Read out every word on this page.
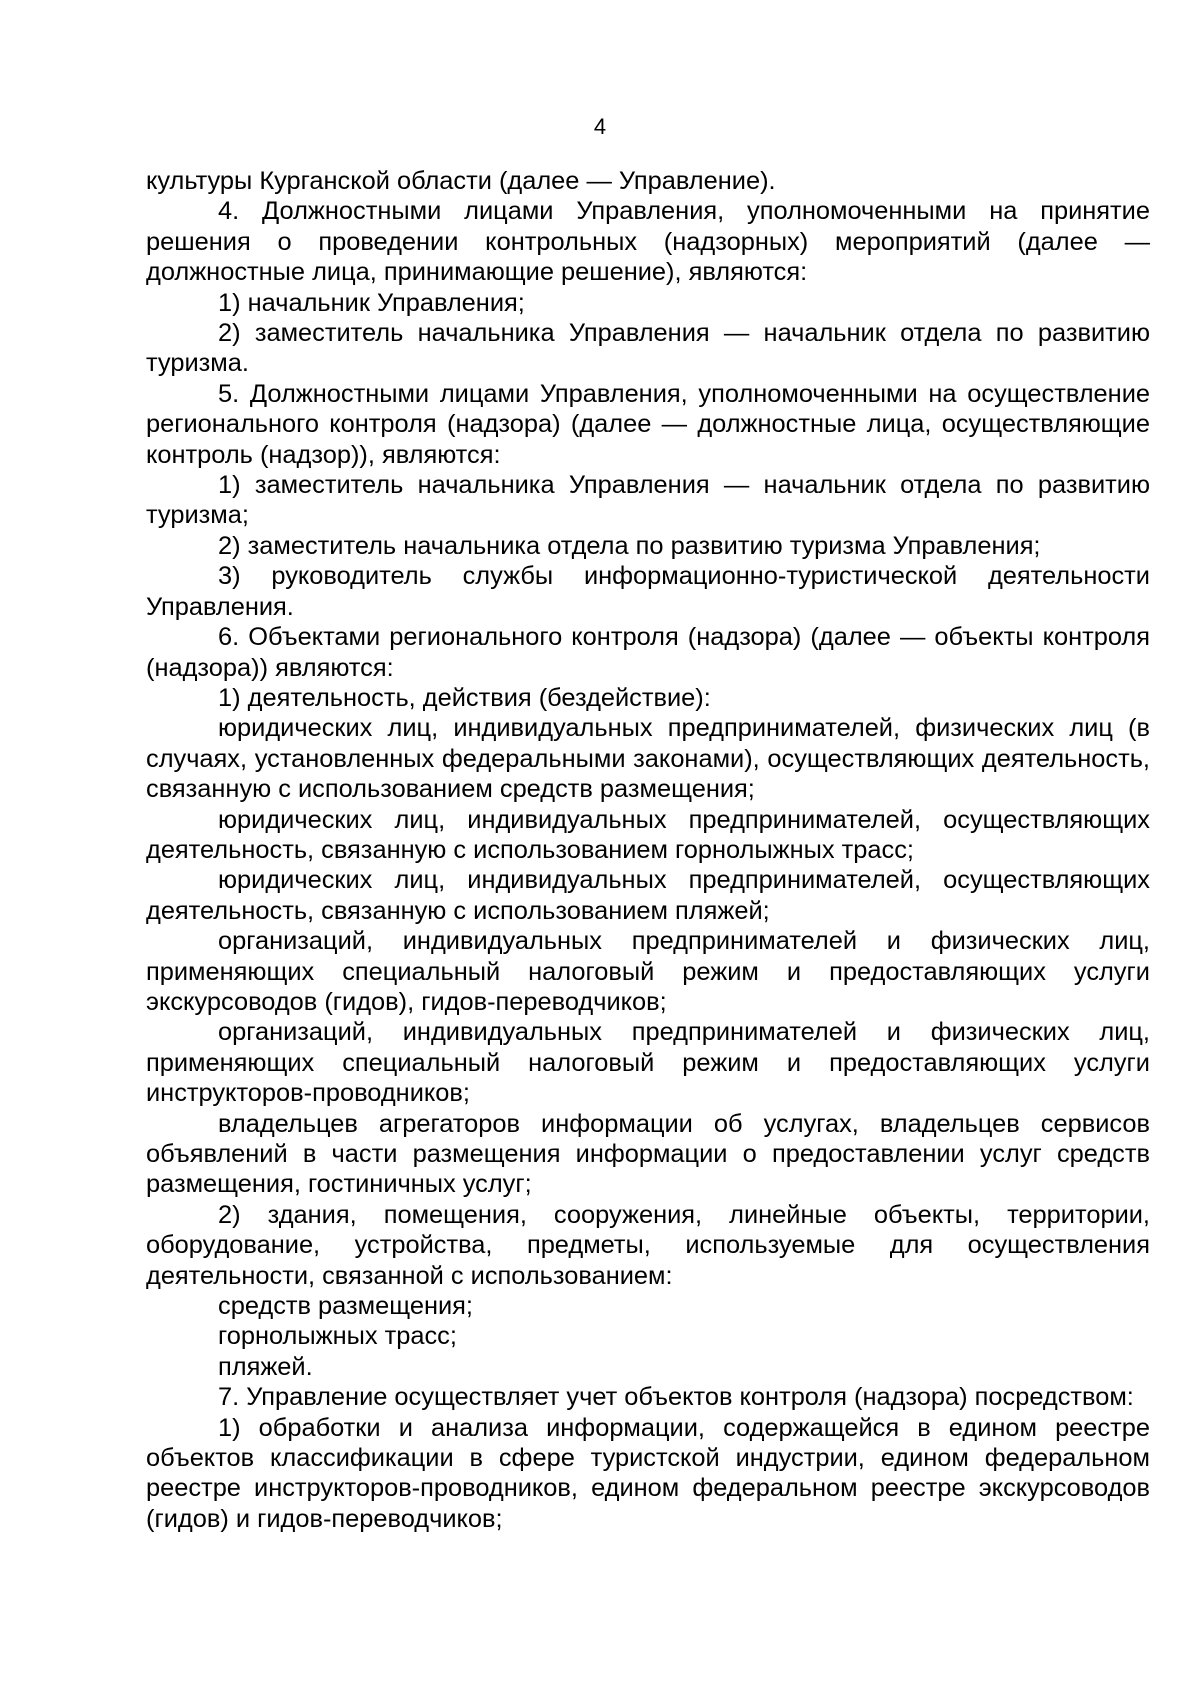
4

культуры Курганской области (далее — Управление).

4. Должностными лицами Управления, уполномоченными на принятие решения о проведении контрольных (надзорных) мероприятий (далее — должностные лица, принимающие решение), являются:

1) начальник Управления;

2) заместитель начальника Управления — начальник отдела по развитию туризма.

5. Должностными лицами Управления, уполномоченными на осуществление регионального контроля (надзора) (далее — должностные лица, осуществляющие контроль (надзор)), являются:

1) заместитель начальника Управления — начальник отдела по развитию туризма;

2) заместитель начальника отдела по развитию туризма Управления;

3) руководитель службы информационно-туристической деятельности Управления.

6. Объектами регионального контроля (надзора) (далее — объекты контроля (надзора)) являются:

1) деятельность, действия (бездействие):

юридических лиц, индивидуальных предпринимателей, физических лиц (в случаях, установленных федеральными законами), осуществляющих деятельность, связанную с использованием средств размещения;

юридических лиц, индивидуальных предпринимателей, осуществляющих деятельность, связанную с использованием горнолыжных трасс;

юридических лиц, индивидуальных предпринимателей, осуществляющих деятельность, связанную с использованием пляжей;

организаций, индивидуальных предпринимателей и физических лиц, применяющих специальный налоговый режим и предоставляющих услуги экскурсоводов (гидов), гидов-переводчиков;

организаций, индивидуальных предпринимателей и физических лиц, применяющих специальный налоговый режим и предоставляющих услуги инструкторов-проводников;

владельцев агрегаторов информации об услугах, владельцев сервисов объявлений в части размещения информации о предоставлении услуг средств размещения, гостиничных услуг;

2) здания, помещения, сооружения, линейные объекты, территории, оборудование, устройства, предметы, используемые для осуществления деятельности, связанной с использованием:

средств размещения;

горнолыжных трасс;

пляжей.

7. Управление осуществляет учет объектов контроля (надзора) посредством:

1) обработки и анализа информации, содержащейся в едином реестре объектов классификации в сфере туристской индустрии, едином федеральном реестре инструкторов-проводников, едином федеральном реестре экскурсоводов (гидов) и гидов-переводчиков;
